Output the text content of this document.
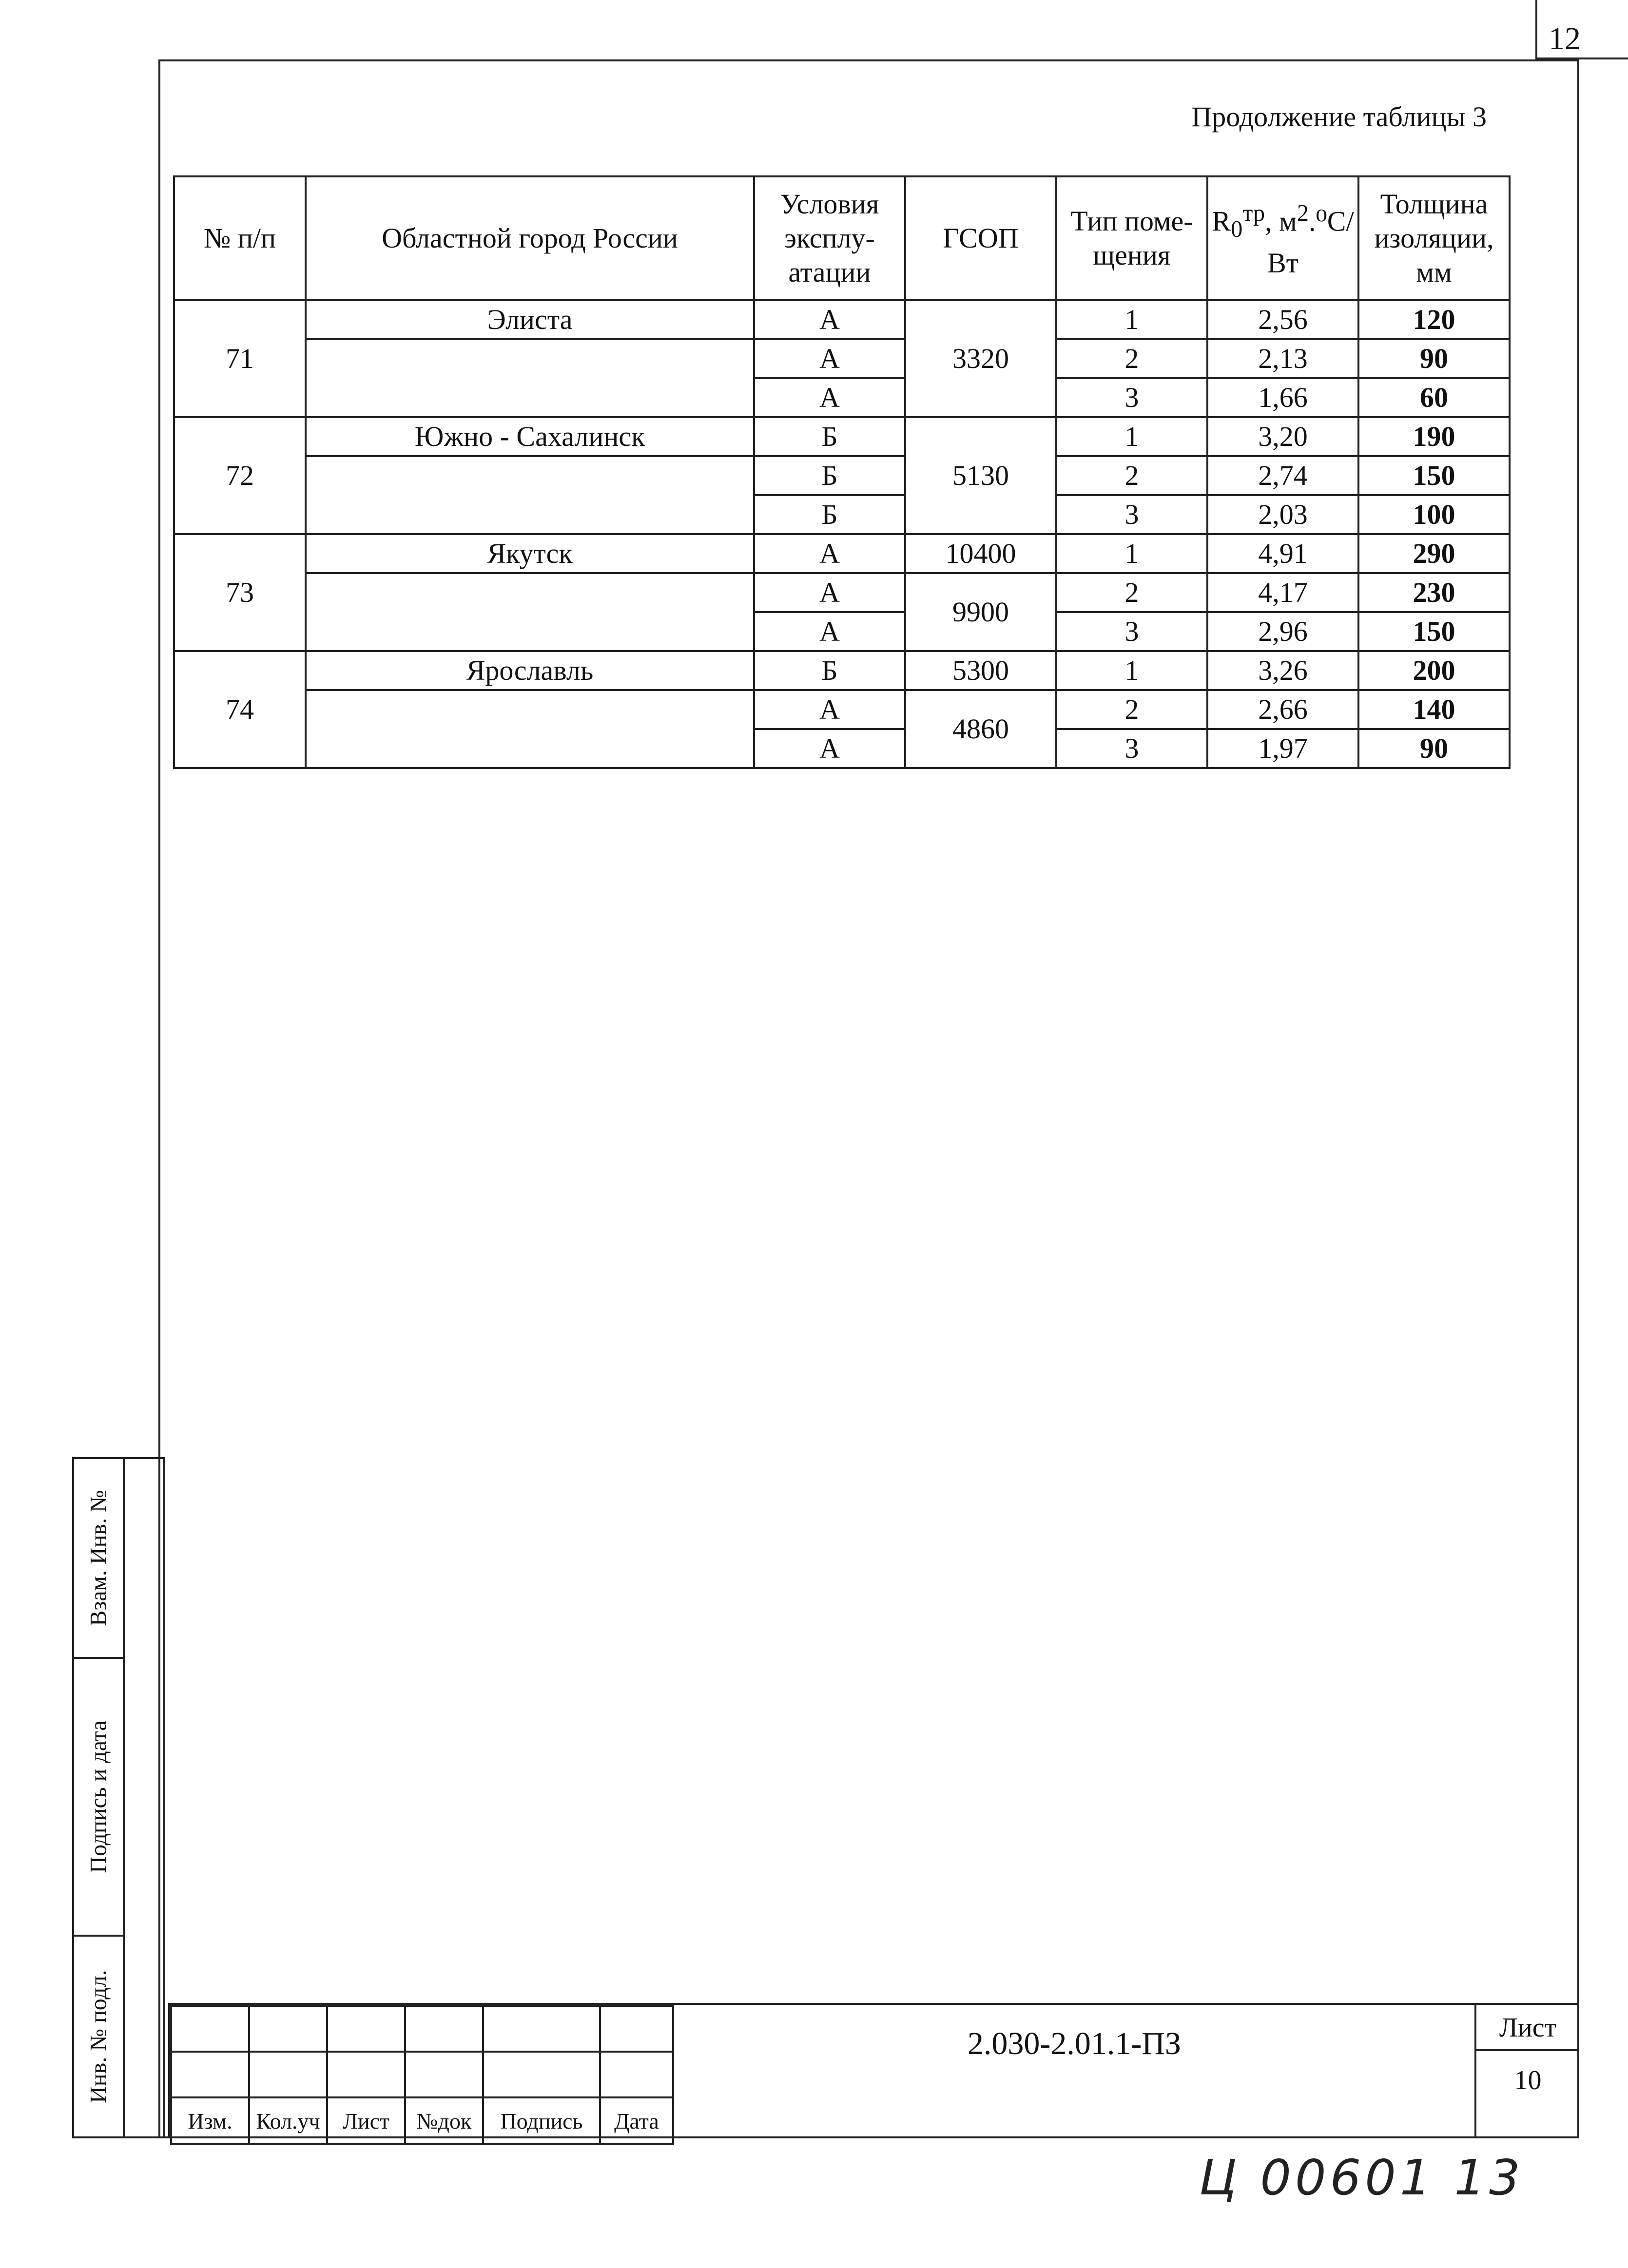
12
Продолжение таблицы 3
№ п/п	Областной город России	Условия эксплу- атации	ГСОП	Тип поме- щения	$R_0^{тр}$, $м^2.^0C/Вт$	Толщина изоляции, мм
71	Элиста	А	3320	1	2,56	120
		А		2	2,13	90
		А		3	1,66	60
72	Южно - Сахалинск	Б	5130	1	3,20	190
		Б		2	2,74	150
		Б		3	2,03	100
73	Якутск	А	10400	1	4,91	290
		А	9900	2	4,17	230
		А		3	2,96	150
74	Ярославль	Б	5300	1	3,26	200
		А	4860	2	2,66	140
		А		3	1,97	90
Взам. Инв. №
Подпись и дата
Инв. № подл.

Изм.	Кол.уч	Лист	№док	Подпись	Дата
2.030-2.01.1-ПЗ	Лист
10
Ц 00601 13
